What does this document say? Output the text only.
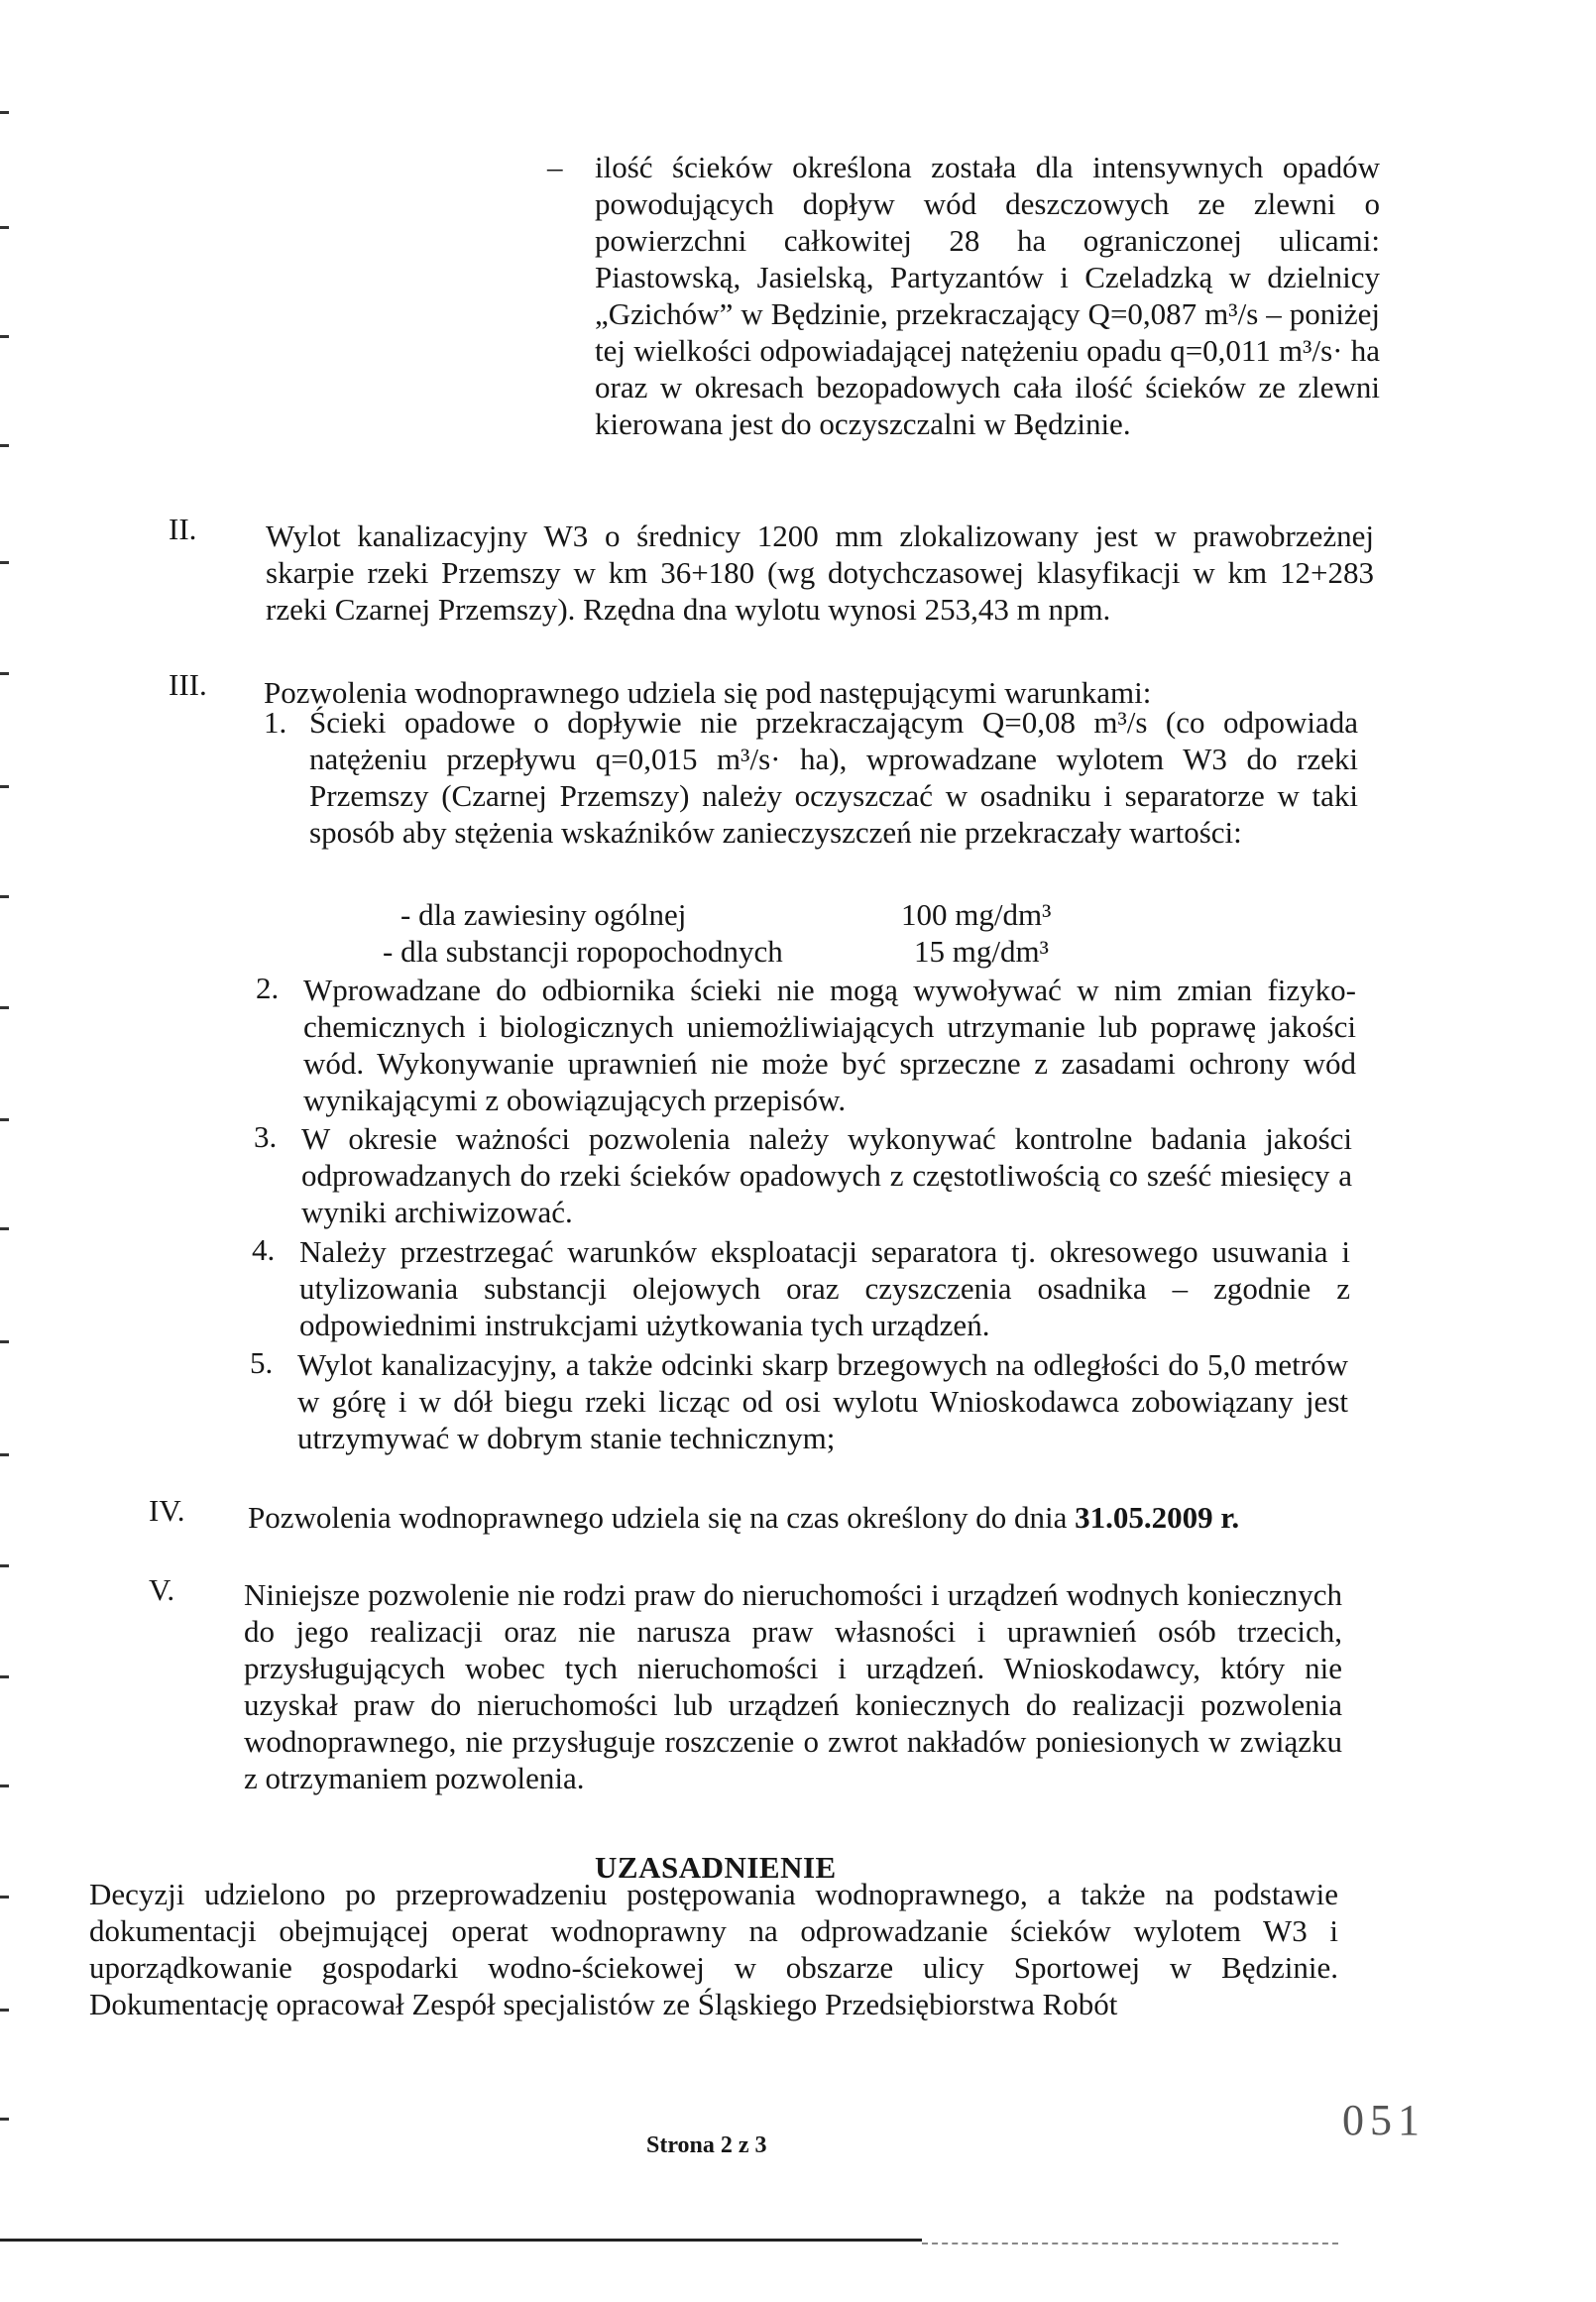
– ilość ścieków określona została dla intensywnych opadów powodujących dopływ wód deszczowych ze zlewni o powierzchni całkowitej 28 ha ograniczonej ulicami: Piastowską, Jasielską, Partyzantów i Czeladzką w dzielnicy „Gzichów” w Będzinie, przekraczający Q=0,087 m³/s – poniżej tej wielkości odpowiadającej natężeniu opadu q=0,011 m³/s· ha oraz w okresach bezopadowych cała ilość ścieków ze zlewni kierowana jest do oczyszczalni w Będzinie.
II. Wylot kanalizacyjny W3 o średnicy 1200 mm zlokalizowany jest w prawobrzeżnej skarpie rzeki Przemszy w km 36+180 (wg dotychczasowej klasyfikacji w km 12+283 rzeki Czarnej Przemszy). Rzędna dna wylotu wynosi 253,43 m npm.
III. Pozwolenia wodnoprawnego udziela się pod następującymi warunkami:
1. Ścieki opadowe o dopływie nie przekraczającym Q=0,08 m³/s (co odpowiada natężeniu przepływu q=0,015 m³/s· ha), wprowadzane wylotem W3 do rzeki Przemszy (Czarnej Przemszy) należy oczyszczać w osadniku i separatorze w taki sposób aby stężenia wskaźników zanieczyszczeń nie przekraczały wartości:
- dla zawiesiny ogólnej	100 mg/dm³
- dla substancji ropopochodnych	15 mg/dm³
2. Wprowadzane do odbiornika ścieki nie mogą wywoływać w nim zmian fizyko-chemicznych i biologicznych uniemożliwiających utrzymanie lub poprawę jakości wód. Wykonywanie uprawnień nie może być sprzeczne z zasadami ochrony wód wynikającymi z obowiązujących przepisów.
3. W okresie ważności pozwolenia należy wykonywać kontrolne badania jakości odprowadzanych do rzeki ścieków opadowych z częstotliwością co sześć miesięcy a wyniki archiwizować.
4. Należy przestrzegać warunków eksploatacji separatora tj. okresowego usuwania i utylizowania substancji olejowych oraz czyszczenia osadnika – zgodnie z odpowiednimi instrukcjami użytkowania tych urządzeń.
5. Wylot kanalizacyjny, a także odcinki skarp brzegowych na odległości do 5,0 metrów w górę i w dół biegu rzeki licząc od osi wylotu Wnioskodawca zobowiązany jest utrzymywać w dobrym stanie technicznym;
IV. Pozwolenia wodnoprawnego udziela się na czas określony do dnia 31.05.2009 r.
V. Niniejsze pozwolenie nie rodzi praw do nieruchomości i urządzeń wodnych koniecznych do jego realizacji oraz nie narusza praw własności i uprawnień osób trzecich, przysługujących wobec tych nieruchomości i urządzeń. Wnioskodawcy, który nie uzyskał praw do nieruchomości lub urządzeń koniecznych do realizacji pozwolenia wodnoprawnego, nie przysługuje roszczenie o zwrot nakładów poniesionych w związku z otrzymaniem pozwolenia.
UZASADNIENIE
Decyzji udzielono po przeprowadzeniu postępowania wodnoprawnego, a także na podstawie dokumentacji obejmującej operat wodnoprawny na odprowadzanie ścieków wylotem W3 i uporządkowanie gospodarki wodno-ściekowej w obszarze ulicy Sportowej w Będzinie. Dokumentację opracował Zespół specjalistów ze Śląskiego Przedsiębiorstwa Robót
Strona 2 z 3
051
